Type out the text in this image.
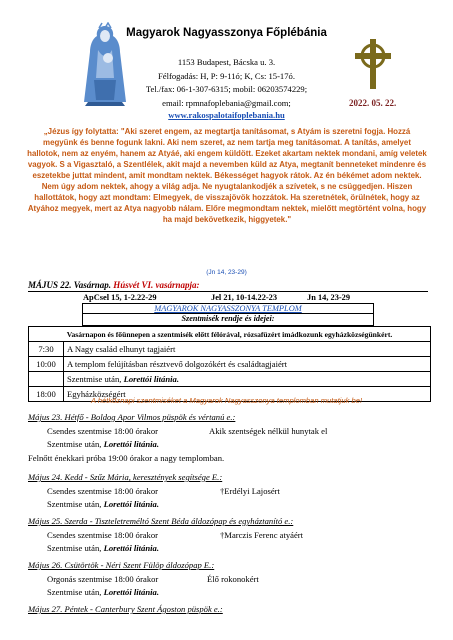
Magyarok Nagyasszonya Főplébánia
1153 Budapest, Bácska u. 3.
Félfogadás: H, P: 9-11ó; K, Cs: 15-17ó.
Tel./fax: 06-1-307-6315; mobil: 06203574229;
email: rpmnafoplebania@gmail.com;
www.rakospalotaifoplebania.hu
2022. 05. 22.
„Jézus így folytatta: "Aki szeret engem, az megtartja tanításomat, s Atyám is szeretni fogja. Hozzá megyünk és benne fogunk lakni. Aki nem szeret, az nem tartja meg tanításomat. A tanítás, amelyet hallotok, nem az enyém, hanem az Atyáé, aki engem küldött. Ezeket akartam nektek mondani, amíg veletek vagyok. S a Vigasztaló, a Szentlélek, akit majd a nevemben küld az Atya, megtanít benneteket mindenre és eszetekbe juttat mindent, amit mondtam nektek. Békességet hagyok rátok. Az én békémet adom nektek. Nem úgy adom nektek, ahogy a világ adja. Ne nyugtalankodjék a szívetek, s ne csüggedjen. Hiszen hallottátok, hogy azt mondtam: Elmegyek, de visszajövök hozzátok. Ha szeretnétek, örülnétek, hogy az Atyához megyek, mert az Atya nagyobb nálam. Előre megmondtam nektek, mielőtt megtörtént volna, hogy ha majd bekövetkezik, higgyetek."
(Jn 14, 23-29)
MÁJUS 22. Vasárnap. Húsvét VI. vasárnapja:
ApCsel 15, 1-2.22-29	Jel 21, 10-14.22-23	Jn 14, 23-29
MAGYAROK NAGYASSZONYA TEMPLOM
Szentmisék rendje és idejei:
Vasárnapon és főünnepen a szentmisék előtt félórával, rózsafüzért imádkozunk egyházközségünkért.	
7:30	A Nagy család elhunyt tagjaiért
10:00	A templom felújításban résztvevő dolgozókért és családtagjaiért
	Szentmise után, Lorettói litánia.
18:00	Egyházközségért
A hétköznapi szentmiséket a Magyarok Nagyasszonya templomban mutatjuk be!
Május 23. Hétfő - Boldog Apor Vilmos püspök és vértanú e.:
Csendes szentmise 18:00 órakor	Akik szentségek nélkül hunytak el
Szentmise után, Lorettói litánia.
Felnőtt énekkari próba 19:00 órakor a nagy templomban.
Május 24. Kedd - Szűz Mária, keresztények segítsége E.:
Csendes szentmise 18:00 órakor	†Erdélyi Lajosért
Szentmise után, Lorettói litánia.
Május 25. Szerda - Tiszteletreméltó Szent Béda áldozópap és egyháztanító e.:
Csendes szentmise 18:00 órakor	†Marczis Ferenc atyáért
Szentmise után, Lorettói litánia.
Május 26. Csütörtök - Néri Szent Fülöp áldozópap E.:
Orgonás szentmise 18:00 órakor	Élő rokonokért
Szentmise után, Lorettói litánia.
Május 27. Péntek - Canterbury Szent Ágoston püspök e.:
